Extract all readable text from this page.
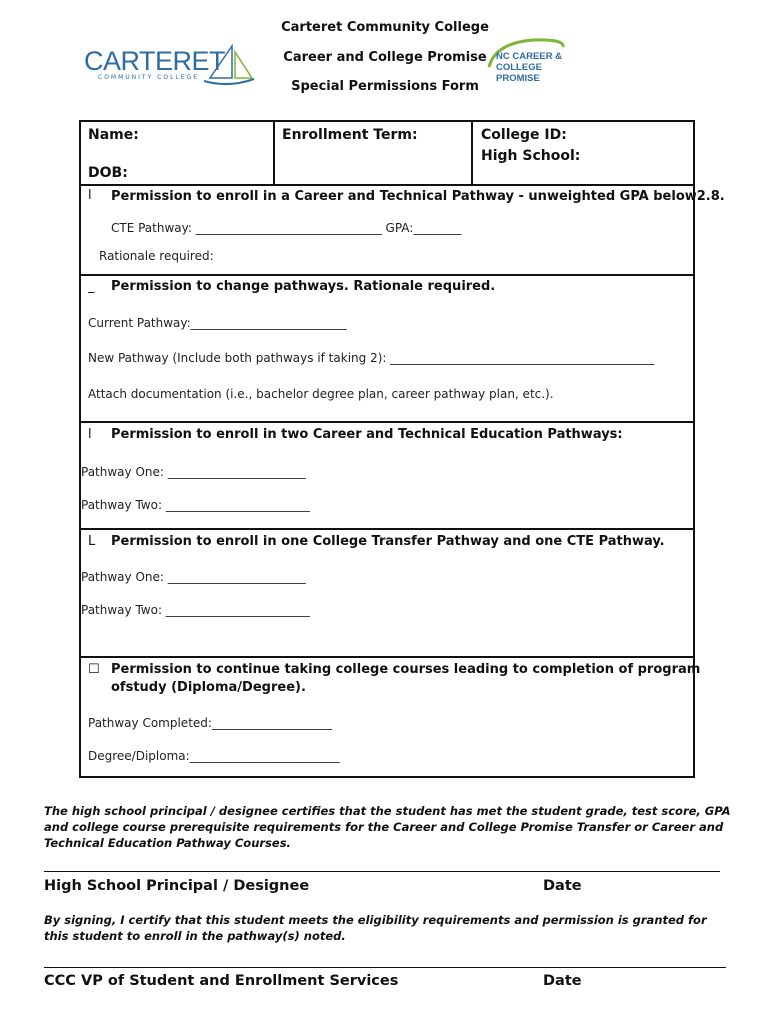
Carteret Community College
Career and College Promise
Special Permissions Form
CARTERET
COMMUNITY COLLEGE
NC CAREER &
COLLEGE PROMISE
Name:
DOB:
Enrollment Term:	College ID:
High School:
l Permission to enroll in a Career and Technical Pathway - unweighted GPA below2.8.
CTE Pathway: _______________________________ GPA:________
Rationale required:
_ Permission to change pathways. Rationale required.
Current Pathway:__________________________
New Pathway (Include both pathways if taking 2): ____________________________________________
Attach documentation (i.e., bachelor degree plan, career pathway plan, etc.).
l Permission to enroll in two Career and Technical Education Pathways:
Pathway One: _______________________
Pathway Two: ________________________
L Permission to enroll in one College Transfer Pathway and one CTE Pathway.
Pathway One: _______________________
Pathway Two: ________________________
☐ Permission to continue taking college courses leading to completion of program
ofstudy (Diploma/Degree).
Pathway Completed:____________________
Degree/Diploma:_________________________
The high school principal / designee certifies that the student has met the student grade, test score, GPA and college course prerequisite requirements for the Career and College Promise Transfer or Career and Technical Education Pathway Courses.
High School Principal / Designee	Date
By signing, I certify that this student meets the eligibility requirements and permission is granted for this student to enroll in the pathway(s) noted.
CCC VP of Student and Enrollment Services	Date
